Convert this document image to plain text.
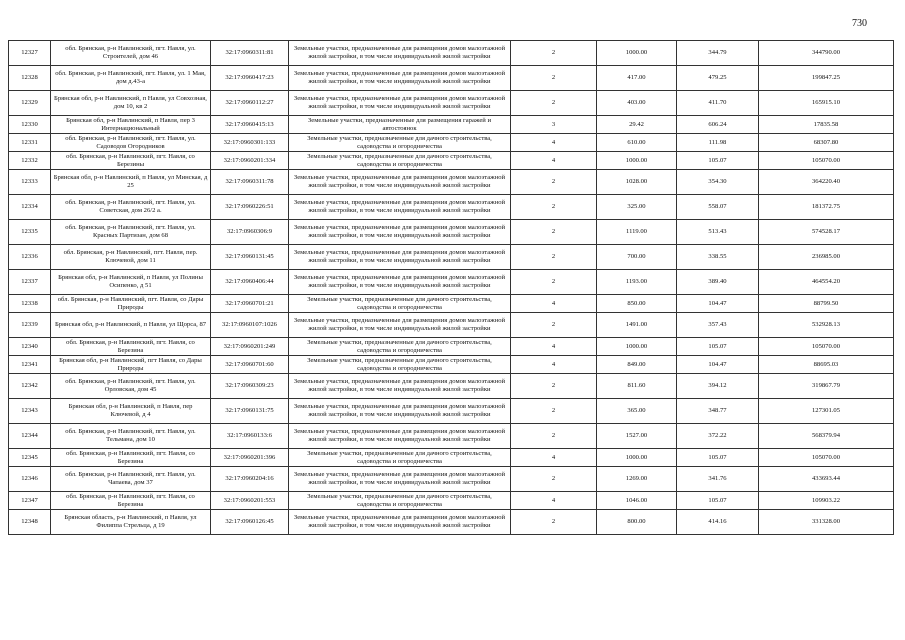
730
12327	обл. Брянская, р-н Навлинский, пгт. Навля, ул. Строителей, дом 46	32:17:0960311:81	Земельные участки, предназначенные для размещения домов малоэтажной жилой застройки, в том числе индивидуальной жилой застройки	2	1000.00	344.79	344790.00
12328	обл. Брянская, р-н Навлинский, пгт. Навля, ул. 1 Мая, дом д.43-а	32:17:0960417:23	Земельные участки, предназначенные для размещения домов малоэтажной жилой застройки, в том числе индивидуальной жилой застройки	2	417.00	479.25	199847.25
12329	Брянская обл, р-н Навлинский, п Навля, ул Совхозная, дом 10, кв 2	32:17:0960112:27	Земельные участки, предназначенные для размещения домов малоэтажной жилой застройки, в том числе индивидуальной жилой застройки	2	403.00	411.70	165915.10
12330	Брянская обл, р-н Навлинский, п Навля, пер 3 Интернациональный	32:17:0960415:13	Земельные участки, предназначенные для размещения гаражей и автостоянок	3	29.42	606.24	17835.58
12331	обл. Брянская, р-н Навлинский, пгт. Навля, ул. Садоводов Огородников	32:17:0960301:133	Земельные участки, предназначенные для дачного строительства, садоводства и огородничества	4	610.00	111.98	68307.80
12332	обл. Брянская, р-н Навлинский, пгт. Навля, со Березины	32:17:0960201:334	Земельные участки, предназначенные для дачного строительства, садоводства и огородничества	4	1000.00	105.07	105070.00
12333	Брянская обл, р-н Навлинский, п Навля, ул Минская, д 25	32:17:0960311:78	Земельные участки, предназначенные для размещения домов малоэтажной жилой застройки, в том числе индивидуальной жилой застройки	2	1028.00	354.30	364220.40
12334	обл. Брянская, р-н Навлинский, пгт. Навля, ул. Советская, дом 26/2 а.	32:17:0960226:51	Земельные участки, предназначенные для размещения домов малоэтажной жилой застройки, в том числе индивидуальной жилой застройки	2	325.00	558.07	181372.75
12335	обл. Брянская, р-н Навлинский, пгт. Навля, ул. Красных Партизан, дом 68	32:17:0960306:9	Земельные участки, предназначенные для размещения домов малоэтажной жилой застройки, в том числе индивидуальной жилой застройки	2	1119.00	513.43	574528.17
12336	обл. Брянская, р-н Навлинский, пгт. Навля, пер. Ключевой, дом 11	32:17:0960131:45	Земельные участки, предназначенные для размещения домов малоэтажной жилой застройки, в том числе индивидуальной жилой застройки	2	700.00	338.55	236985.00
12337	Брянская обл, р-н Навлинский, п Навля, ул Полины Осипенко, д 51	32:17:0960406:44	Земельные участки, предназначенные для размещения домов малоэтажной жилой застройки, в том числе индивидуальной жилой застройки	2	1193.00	389.40	464554.20
12338	обл. Брянская, р-н Навлинский, пгт. Навля, со Дары Природы	32:17:0960701:21	Земельные участки, предназначенные для дачного строительства, садоводства и огородничества	4	850.00	104.47	88799.50
12339	Брянская обл, р-н Навлинский, п Навля, ул Щорса, 87	32:17:0960107:1026	Земельные участки, предназначенные для размещения домов малоэтажной жилой застройки, в том числе индивидуальной жилой застройки	2	1491.00	357.43	532928.13
12340	обл. Брянская, р-н Навлинский, пгт. Навля, со Березина	32:17:0960201:249	Земельные участки, предназначенные для дачного строительства, садоводства и огородничества	4	1000.00	105.07	105070.00
12341	Брянская обл, р-н Навлинский, пгт Навля, со Дары Природы	32:17:0960701:60	Земельные участки, предназначенные для дачного строительства, садоводства и огородничества	4	849.00	104.47	88695.03
12342	обл. Брянская, р-н Навлинский, пгт. Навля, ул. Орловская, дом 45	32:17:0960309:23	Земельные участки, предназначенные для размещения домов малоэтажной жилой застройки, в том числе индивидуальной жилой застройки	2	811.60	394.12	319867.79
12343	Брянская обл, р-н Навлинский, п Навля, пер Ключевой, д 4	32:17:0960131:75	Земельные участки, предназначенные для размещения домов малоэтажной жилой застройки, в том числе индивидуальной жилой застройки	2	365.00	348.77	127301.05
12344	обл. Брянская, р-н Навлинский, пгт. Навля, ул. Тельмана, дом 10	32:17:0960133:6	Земельные участки, предназначенные для размещения домов малоэтажной жилой застройки, в том числе индивидуальной жилой застройки	2	1527.00	372.22	568379.94
12345	обл. Брянская, р-н Навлинский, пгт. Навля, со Березина	32:17:0960201:396	Земельные участки, предназначенные для дачного строительства, садоводства и огородничества	4	1000.00	105.07	105070.00
12346	обл. Брянская, р-н Навлинский, пгт. Навля, ул. Чапаева, дом 37	32:17:0960204:16	Земельные участки, предназначенные для размещения домов малоэтажной жилой застройки, в том числе индивидуальной жилой застройки	2	1269.00	341.76	433693.44
12347	обл. Брянская, р-н Навлинский, пгт. Навля, со Березина	32:17:0960201:553	Земельные участки, предназначенные для дачного строительства, садоводства и огородничества	4	1046.00	105.07	109903.22
12348	Брянская область, р-н Навлинский, п Навля, ул Филиппа Стрельца, д 19	32:17:0960126:45	Земельные участки, предназначенные для размещения домов малоэтажной жилой застройки, в том числе индивидуальной жилой застройки	2	800.00	414.16	331328.00
